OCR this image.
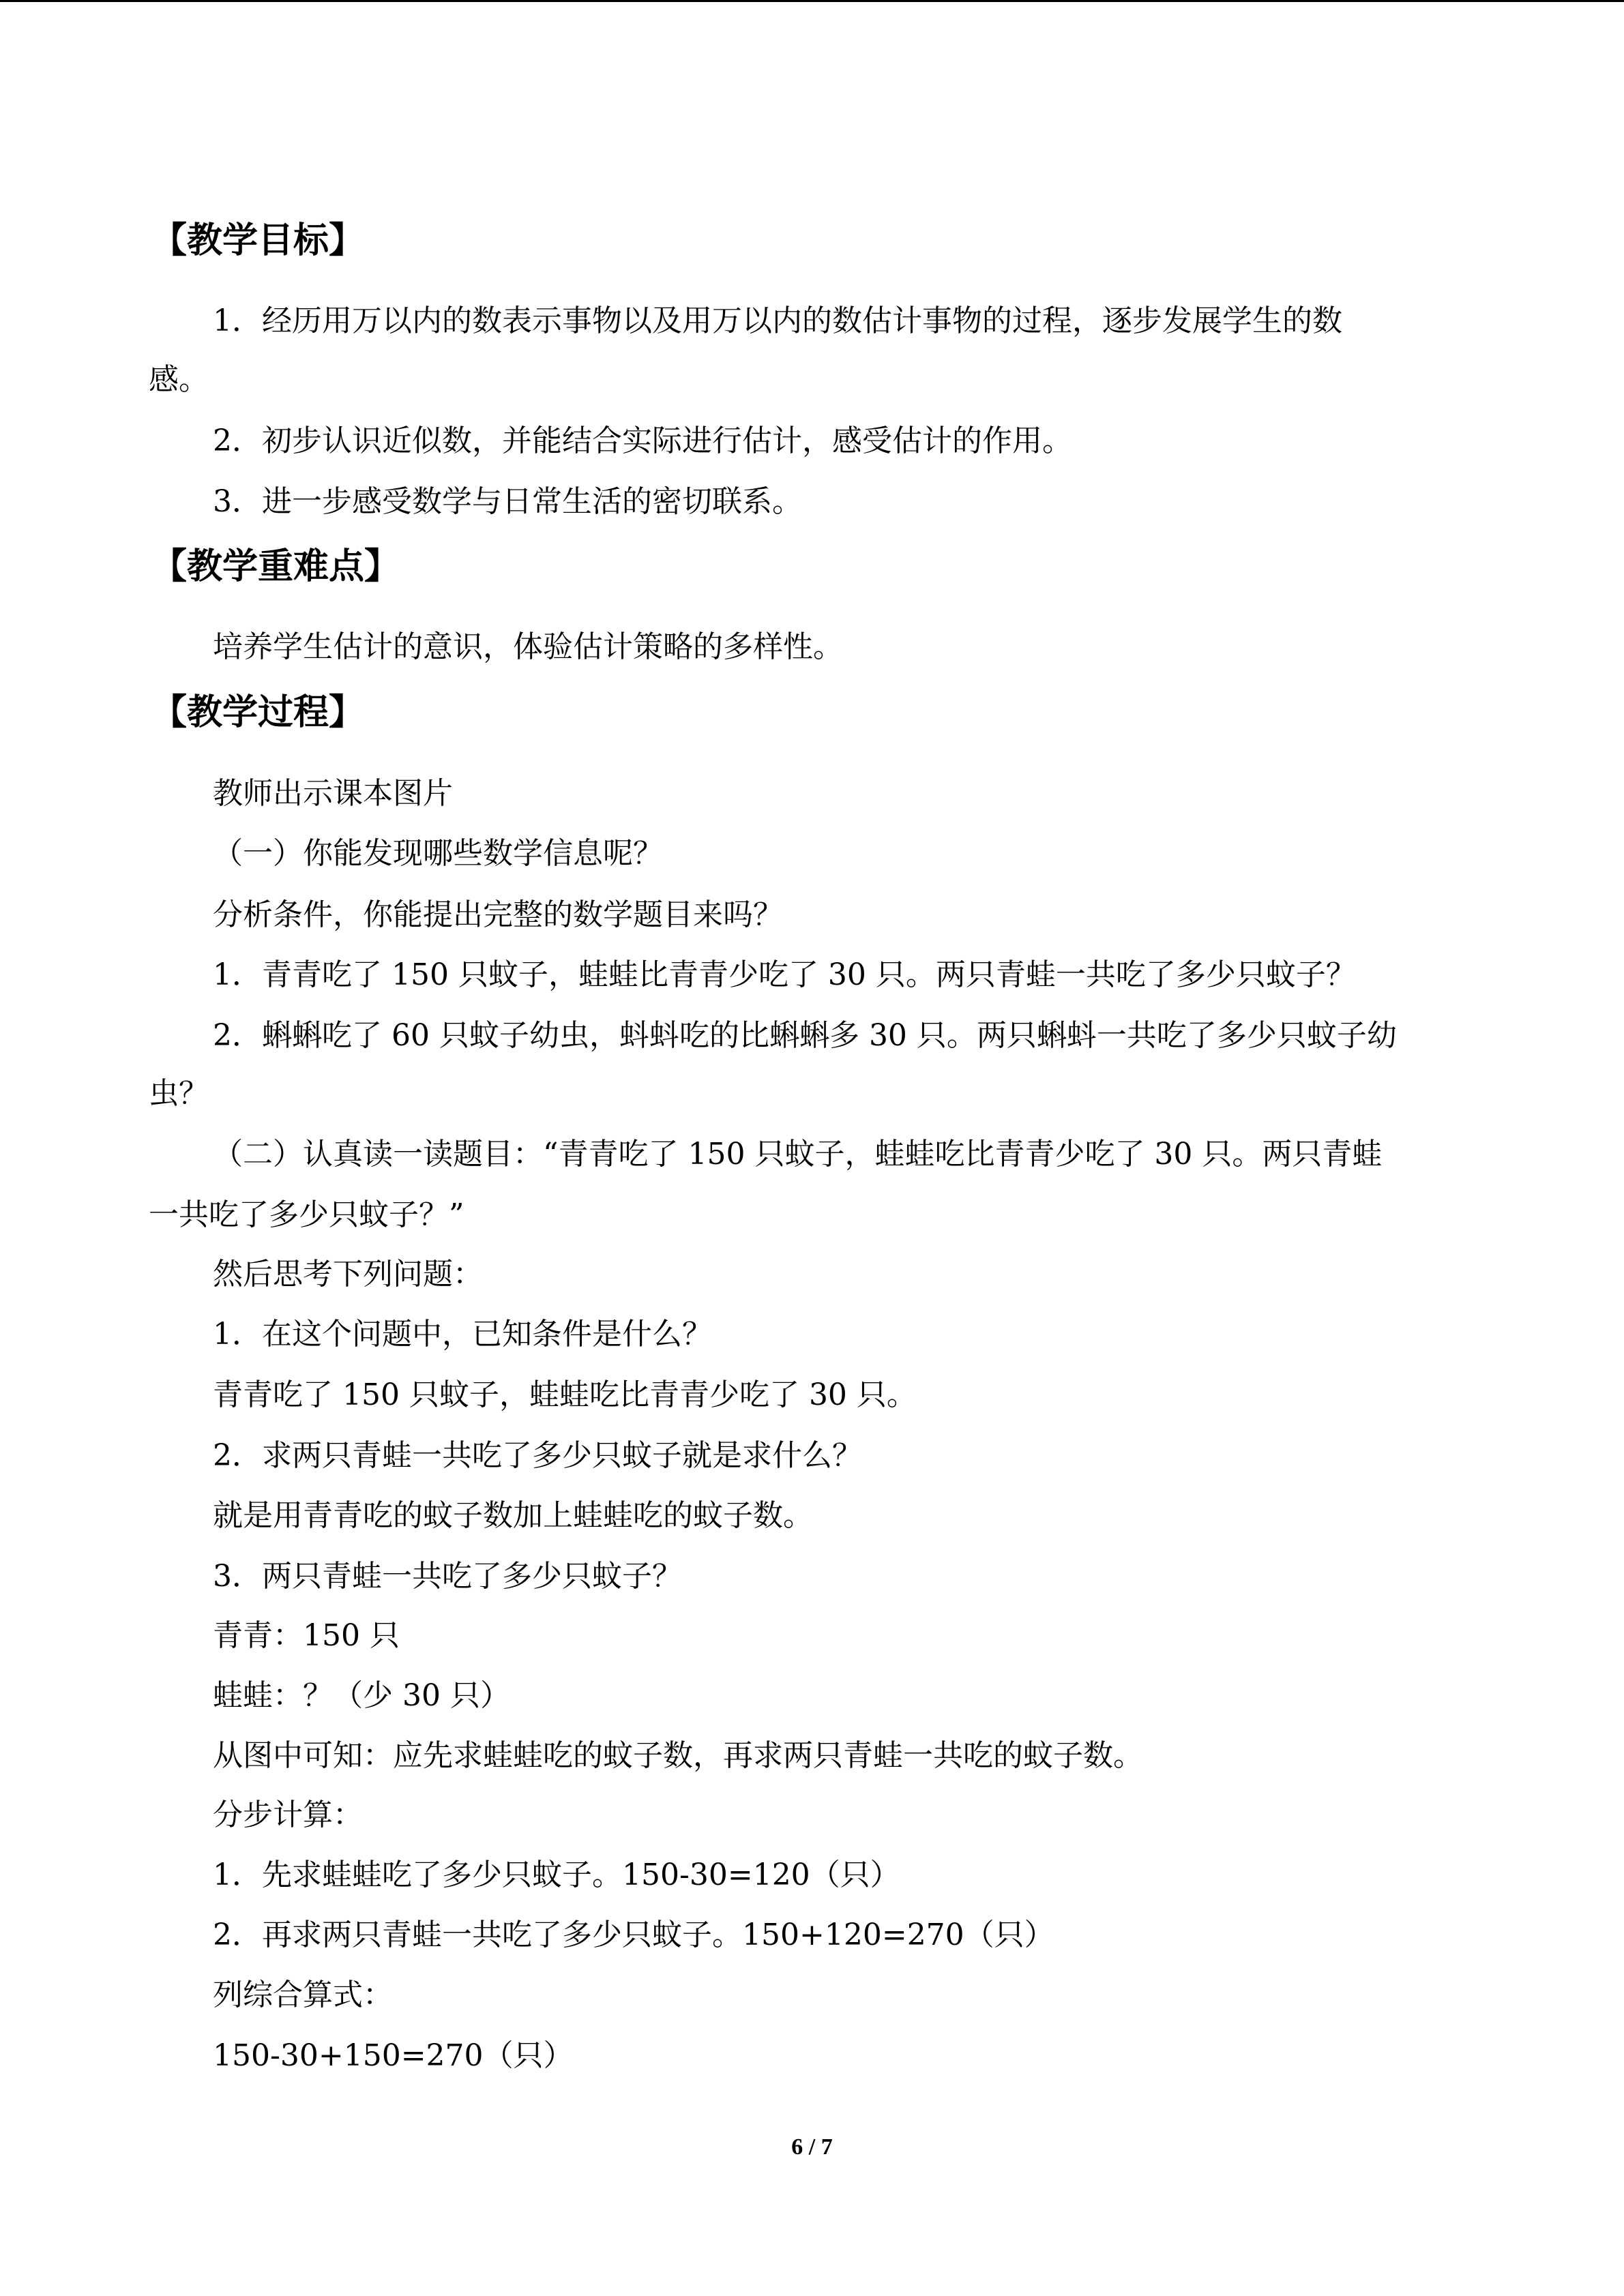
【教学目标】
1．经历用万以内的数表示事物以及用万以内的数估计事物的过程，逐步发展学生的数
感。
2．初步认识近似数，并能结合实际进行估计，感受估计的作用。
3．进一步感受数学与日常生活的密切联系。
【教学重难点】
培养学生估计的意识，体验估计策略的多样性。
【教学过程】
教师出示课本图片
（一）你能发现哪些数学信息呢？
分析条件，你能提出完整的数学题目来吗？
1．青青吃了 150 只蚊子，蛙蛙比青青少吃了 30 只。两只青蛙一共吃了多少只蚊子？
2．蝌蝌吃了 60 只蚊子幼虫，蚪蚪吃的比蝌蝌多 30 只。两只蝌蚪一共吃了多少只蚊子幼
虫？
（二）认真读一读题目：“青青吃了 150 只蚊子，蛙蛙吃比青青少吃了 30 只。两只青蛙
一共吃了多少只蚊子？”
然后思考下列问题：
1．在这个问题中，已知条件是什么？
青青吃了 150 只蚊子，蛙蛙吃比青青少吃了 30 只。
2．求两只青蛙一共吃了多少只蚊子就是求什么？
就是用青青吃的蚊子数加上蛙蛙吃的蚊子数。
3．两只青蛙一共吃了多少只蚊子？
青青：150 只
蛙蛙：？（少 30 只）
从图中可知：应先求蛙蛙吃的蚊子数，再求两只青蛙一共吃的蚊子数。
分步计算：
1．先求蛙蛙吃了多少只蚊子。150-30=120（只）
2．再求两只青蛙一共吃了多少只蚊子。150+120=270（只）
列综合算式：
150-30+150=270（只）
6 / 7
